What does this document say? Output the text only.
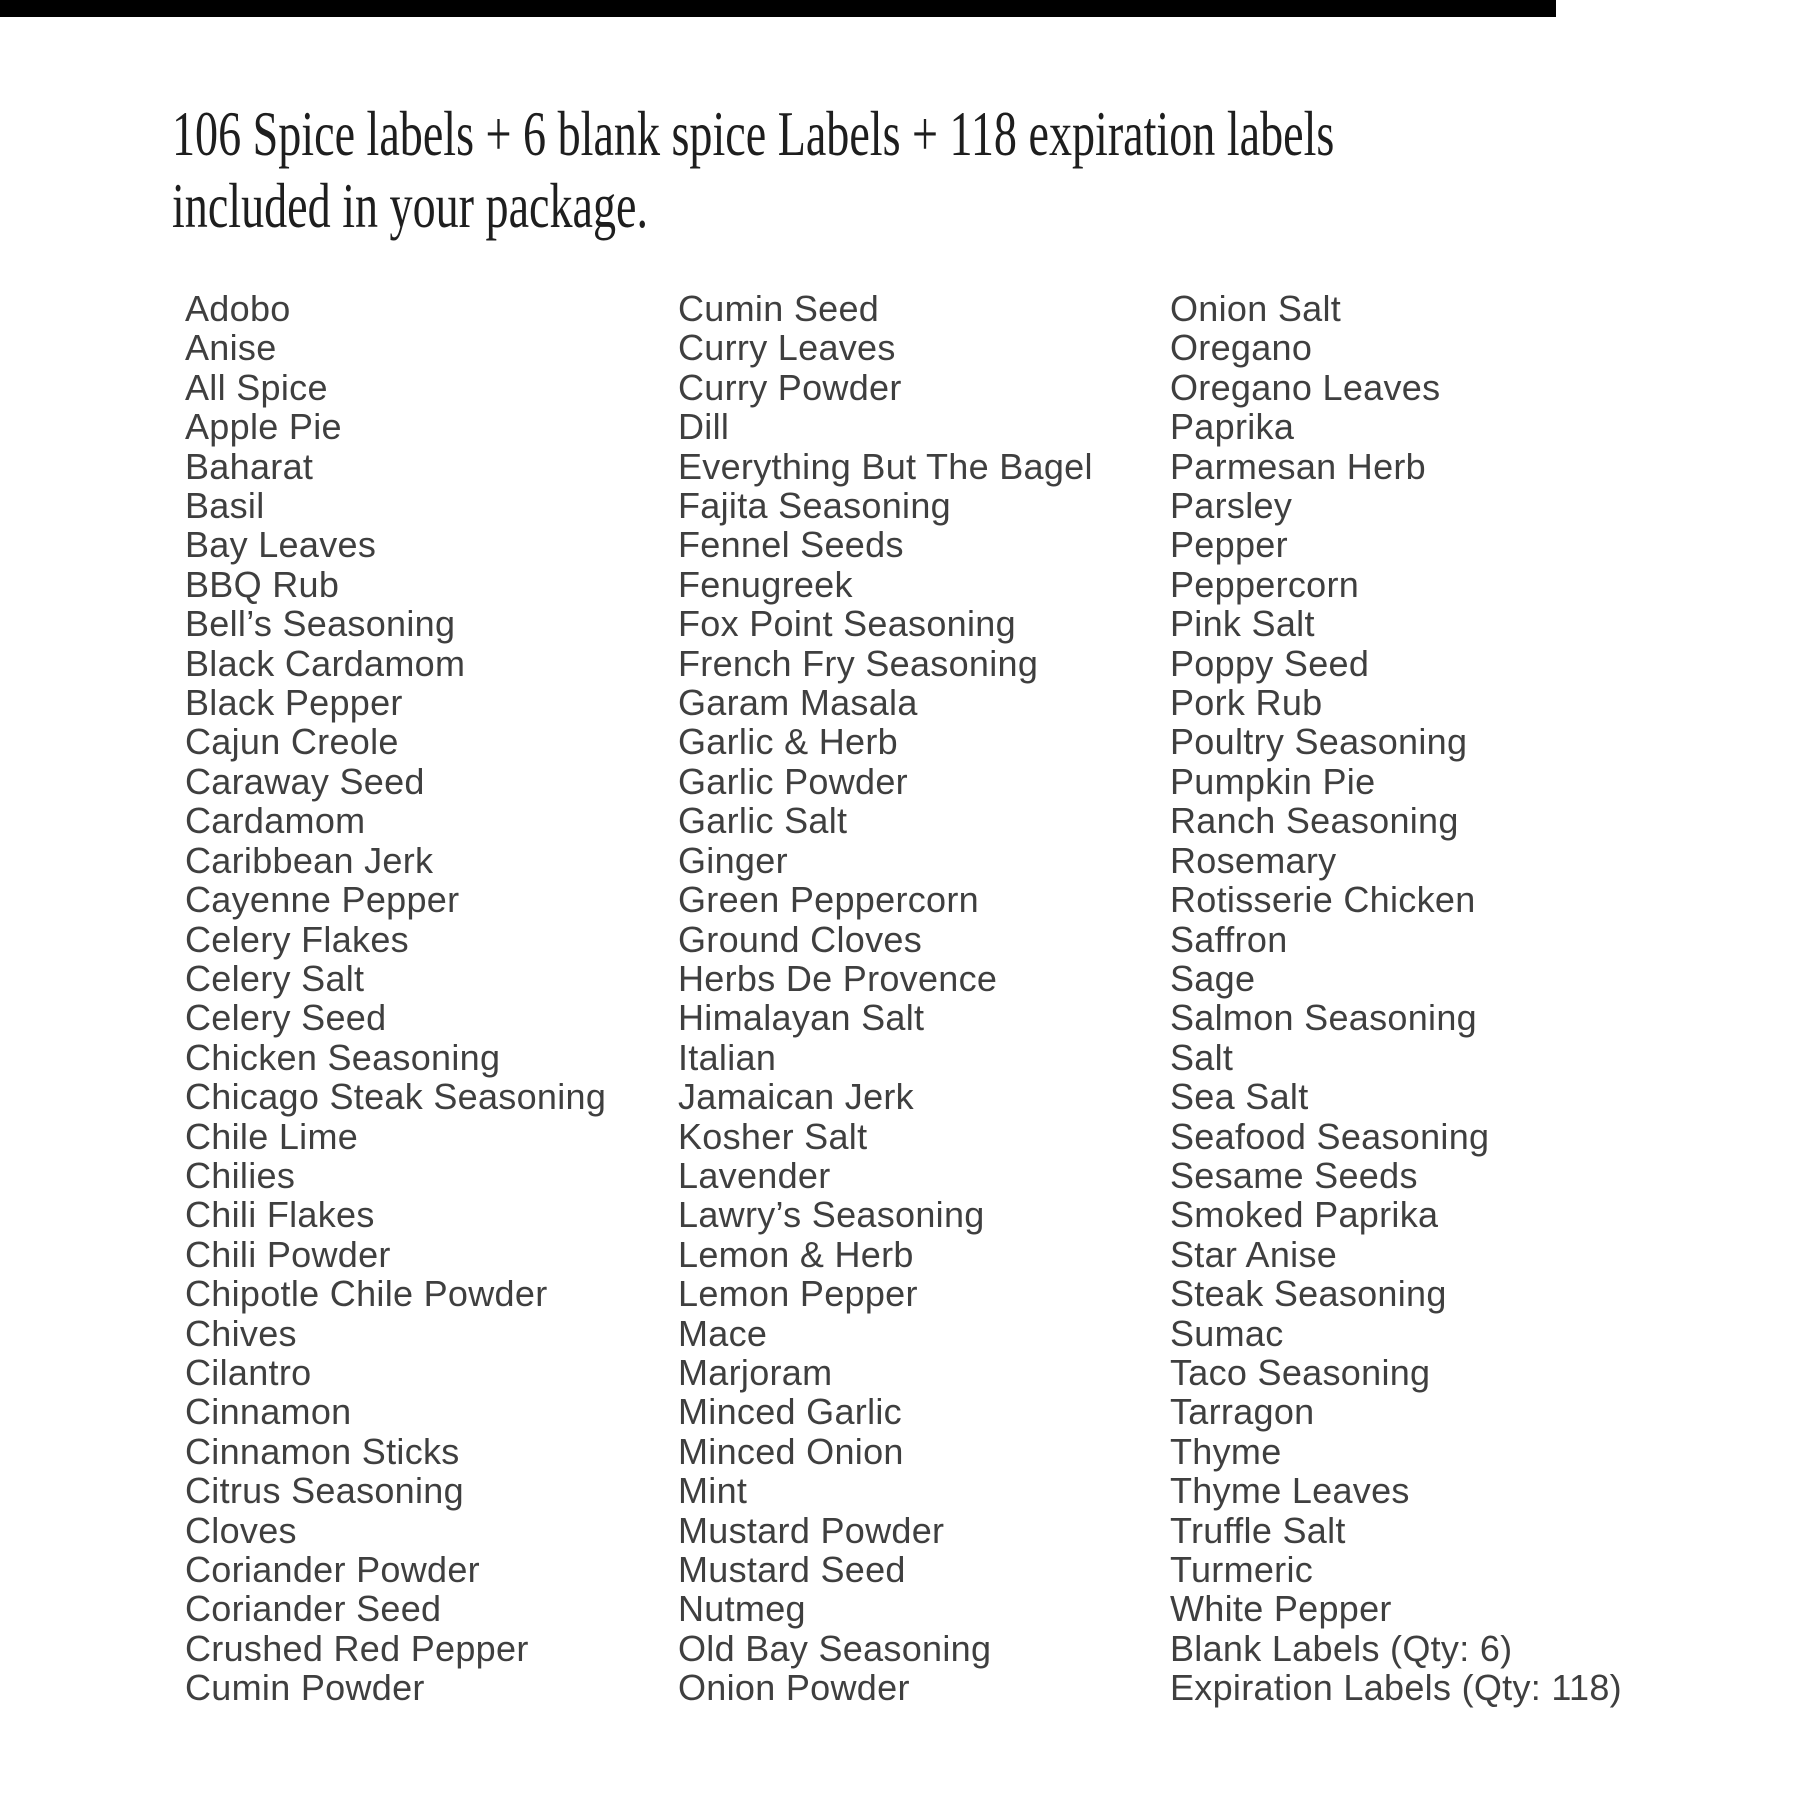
106 Spice labels + 6 blank spice Labels + 118 expiration labels
included in your package.
Adobo
Anise
All Spice
Apple Pie
Baharat
Basil
Bay Leaves
BBQ Rub
Bell’s Seasoning
Black Cardamom
Black Pepper
Cajun Creole
Caraway Seed
Cardamom
Caribbean Jerk
Cayenne Pepper
Celery Flakes
Celery Salt
Celery Seed
Chicken Seasoning
Chicago Steak Seasoning
Chile Lime
Chilies
Chili Flakes
Chili Powder
Chipotle Chile Powder
Chives
Cilantro
Cinnamon
Cinnamon Sticks
Citrus Seasoning
Cloves
Coriander Powder
Coriander Seed
Crushed Red Pepper
Cumin Powder
Cumin Seed
Curry Leaves
Curry Powder
Dill
Everything But The Bagel
Fajita Seasoning
Fennel Seeds
Fenugreek
Fox Point Seasoning
French Fry Seasoning
Garam Masala
Garlic & Herb
Garlic Powder
Garlic Salt
Ginger
Green Peppercorn
Ground Cloves
Herbs De Provence
Himalayan Salt
Italian
Jamaican Jerk
Kosher Salt
Lavender
Lawry’s Seasoning
Lemon & Herb
Lemon Pepper
Mace
Marjoram
Minced Garlic
Minced Onion
Mint
Mustard Powder
Mustard Seed
Nutmeg
Old Bay Seasoning
Onion Powder
Onion Salt
Oregano
Oregano Leaves
Paprika
Parmesan Herb
Parsley
Pepper
Peppercorn
Pink Salt
Poppy Seed
Pork Rub
Poultry Seasoning
Pumpkin Pie
Ranch Seasoning
Rosemary
Rotisserie Chicken
Saffron
Sage
Salmon Seasoning
Salt
Sea Salt
Seafood Seasoning
Sesame Seeds
Smoked Paprika
Star Anise
Steak Seasoning
Sumac
Taco Seasoning
Tarragon
Thyme
Thyme Leaves
Truffle Salt
Turmeric
White Pepper
Blank Labels (Qty: 6)
Expiration Labels (Qty: 118)
